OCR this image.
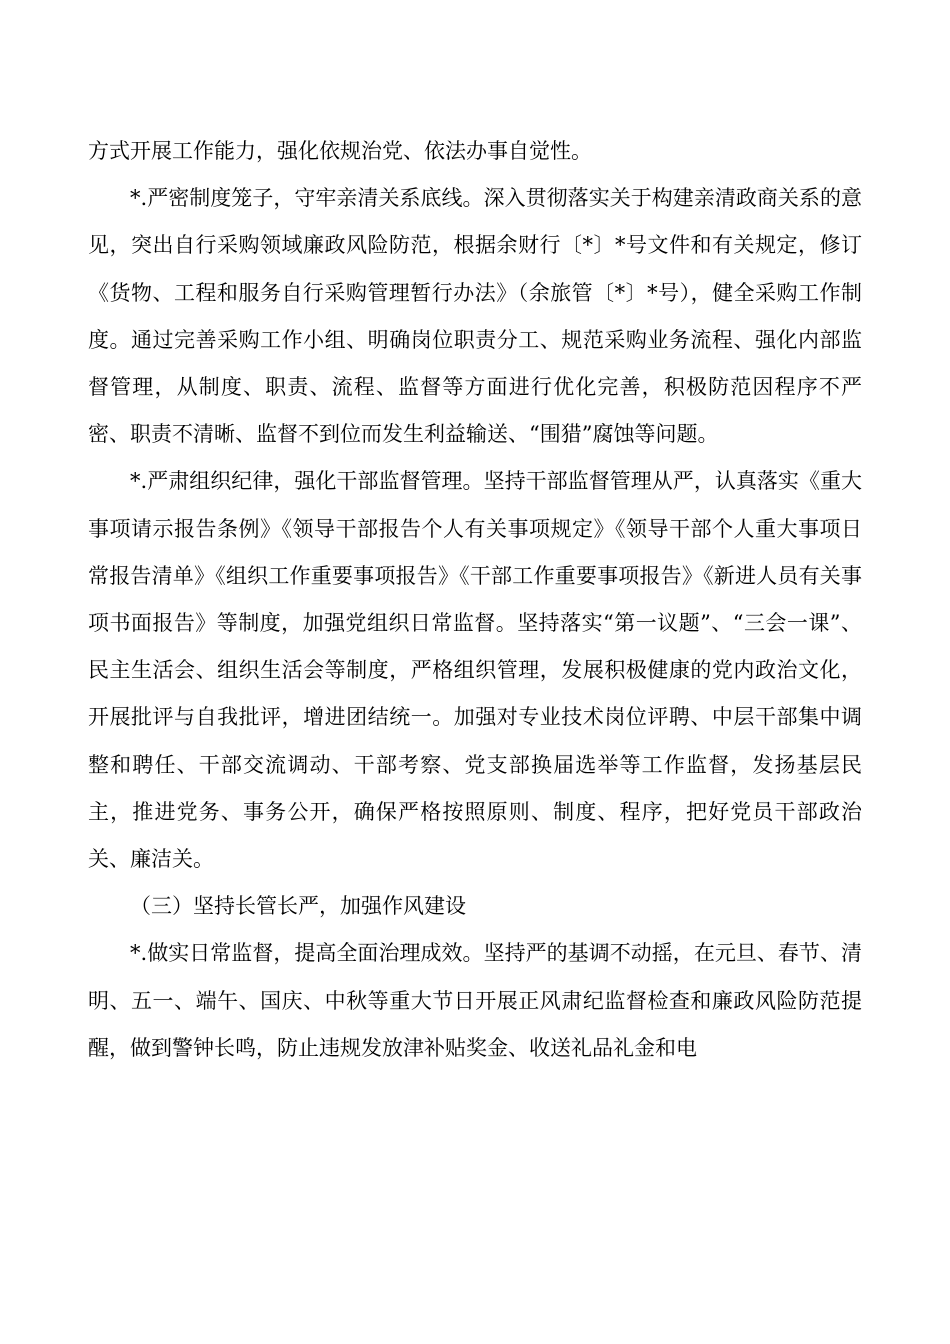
方式开展工作能力，强化依规治党、依法办事自觉性。

*.严密制度笼子，守牢亲清关系底线。深入贯彻落实关于构建亲清政商关系的意见，突出自行采购领域廉政风险防范，根据余财行〔*〕*号文件和有关规定，修订《货物、工程和服务自行采购管理暂行办法》（余旅管〔*〕*号），健全采购工作制度。通过完善采购工作小组、明确岗位职责分工、规范采购业务流程、强化内部监督管理，从制度、职责、流程、监督等方面进行优化完善，积极防范因程序不严密、职责不清晰、监督不到位而发生利益输送、“围猎”腐蚀等问题。

*.严肃组织纪律，强化干部监督管理。坚持干部监督管理从严，认真落实《重大事项请示报告条例》《领导干部报告个人有关事项规定》《领导干部个人重大事项日常报告清单》《组织工作重要事项报告》《干部工作重要事项报告》《新进人员有关事项书面报告》等制度，加强党组织日常监督。坚持落实“第一议题”、“三会一课”、民主生活会、组织生活会等制度，严格组织管理，发展积极健康的党内政治文化，开展批评与自我批评，增进团结统一。加强对专业技术岗位评聘、中层干部集中调整和聘任、干部交流调动、干部考察、党支部换届选举等工作监督，发扬基层民主，推进党务、事务公开，确保严格按照原则、制度、程序，把好党员干部政治关、廉洁关。

（三）坚持长管长严，加强作风建设

*.做实日常监督，提高全面治理成效。坚持严的基调不动摇，在元旦、春节、清明、五一、端午、国庆、中秋等重大节日开展正风肃纪监督检查和廉政风险防范提醒，做到警钟长鸣，防止违规发放津补贴奖金、收送礼品礼金和电
